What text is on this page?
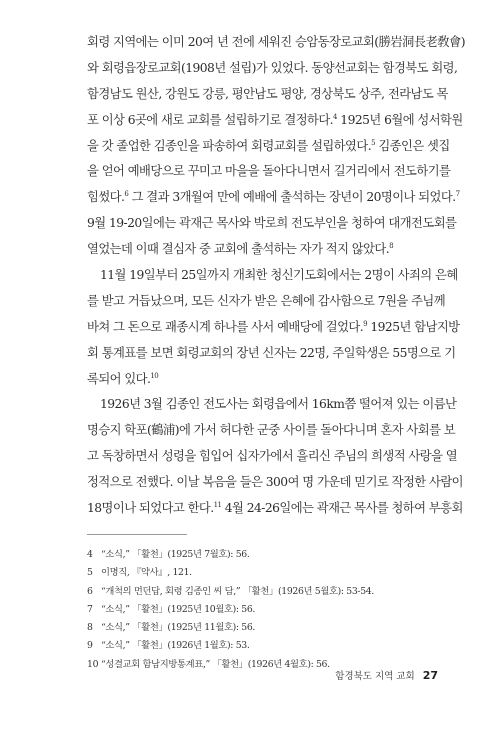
회령 지역에는 이미 20여 년 전에 세워진 승암동장로교회(勝岩洞長老敎會)
와 회령읍장로교회(1908년 설립)가 있었다. 동양선교회는 함경북도 회령,
함경남도 원산, 강원도 강릉, 평안남도 평양, 경상북도 상주, 전라남도 목
포 이상 6곳에 새로 교회를 설립하기로 결정하다.$^4$ 1925년 6월에 성서학원
을 갓 졸업한 김종인을 파송하여 회령교회를 설립하였다.$^5$ 김종인은 셋집
을 얻어 예배당으로 꾸미고 마을을 돌아다니면서 길거리에서 전도하기를
힘썼다.$^6$ 그 결과 3개월여 만에 예배에 출석하는 장년이 20명이나 되었다.$^7$
9월 19-20일에는 곽재근 목사와 박로희 전도부인을 청하여 대개전도회를
열었는데 이때 결심자 중 교회에 출석하는 자가 적지 않았다.$^8$
11월 19일부터 25일까지 개최한 청신기도회에서는 2명이 사죄의 은혜
를 받고 거듭났으며, 모든 신자가 받은 은혜에 감사함으로 7원을 주님께
바쳐 그 돈으로 괘종시계 하나를 사서 예배당에 걸었다.$^9$ 1925년 함남지방
회 통계표를 보면 회령교회의 장년 신자는 22명, 주일학생은 55명으로 기
록되어 있다.$^{10}$
1926년 3월 김종인 전도사는 회령읍에서 16km쯤 떨어져 있는 이름난
명승지 학포(鶴浦)에 가서 허다한 군중 사이를 돌아다니며 혼자 사회를 보
고 독창하면서 성령을 힘입어 십자가에서 흘리신 주님의 희생적 사랑을 열
정적으로 전했다. 이날 복음을 들은 300여 명 가운데 믿기로 작정한 사람이
18명이나 되었다고 한다.$^{11}$ 4월 24-26일에는 곽재근 목사를 청하여 부흥회
4 “소식,” 「활천」(1925년 7월호): 56.
5 이명직, 『약사』, 121.
6 “개척의 먼던답, 회령 김종인 씨 담,” 「활천」(1926년 5월호): 53-54.
7 “소식,” 「활천」(1925년 10월호): 56.
8 “소식,” 「활천」(1925년 11월호): 56.
9 “소식,” 「활천」(1926년 1월호): 53.
10 “성결교회 함남지방통계표,” 「활천」(1926년 4월호): 56.
함경북도 지역 교회 27
